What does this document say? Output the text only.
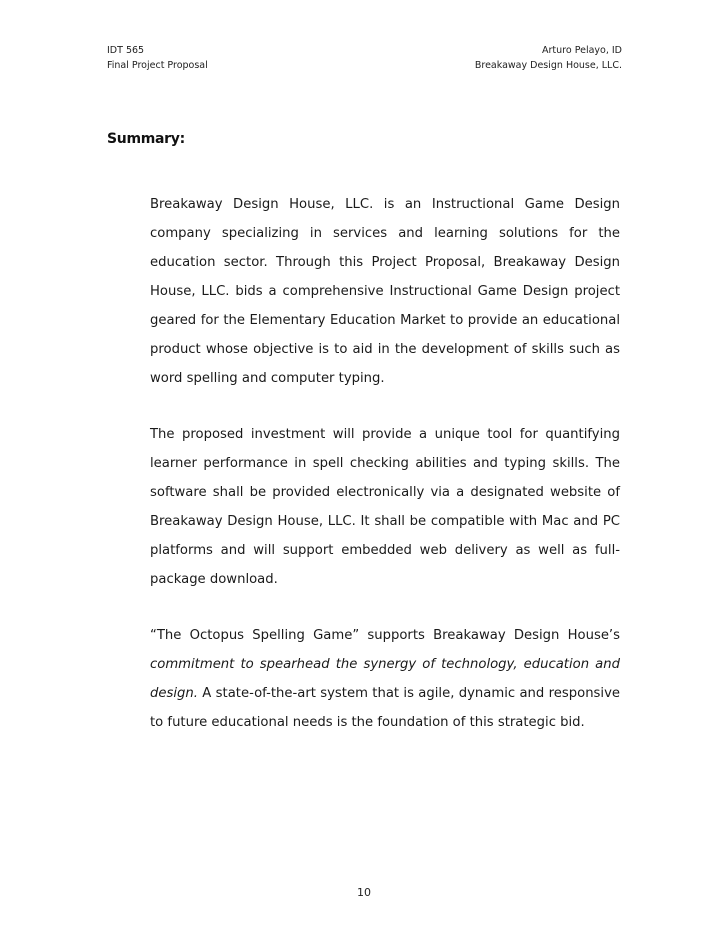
IDT 565
Final Project Proposal
Arturo Pelayo, ID
Breakaway Design House, LLC.
Summary:

Breakaway Design House, LLC. is an Instructional Game Design company specializing in services and learning solutions for the education sector. Through this Project Proposal, Breakaway Design House, LLC. bids a comprehensive Instructional Game Design project geared for the Elementary Education Market to provide an educational product whose objective is to aid in the development of skills such as word spelling and computer typing.

The proposed investment will provide a unique tool for quantifying learner performance in spell checking abilities and typing skills. The software shall be provided electronically via a designated website of Breakaway Design House, LLC. It shall be compatible with Mac and PC platforms and will support embedded web delivery as well as full-package download.

“The Octopus Spelling Game” supports Breakaway Design House’s commitment to spearhead the synergy of technology, education and design. A state-of-the-art system that is agile, dynamic and responsive to future educational needs is the foundation of this strategic bid.

10
